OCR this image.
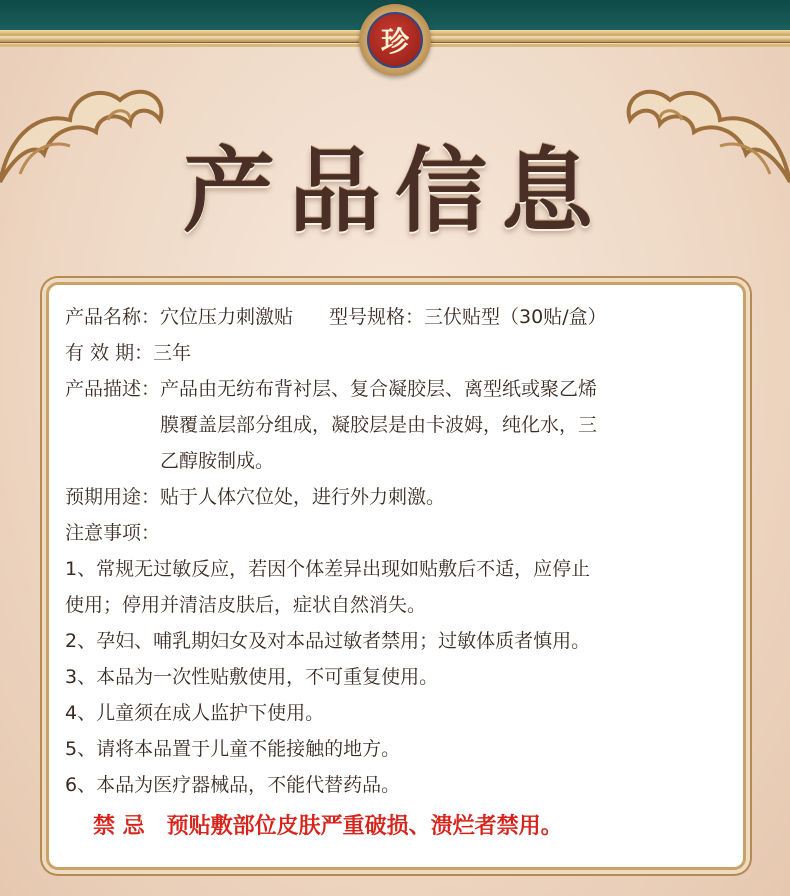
珍
产品信息
产品名称： 穴位压力刺激贴 型号规格： 三伏贴型（30贴/盒）
有 效 期： 三年
产品描述： 产品由无纺布背衬层、复合凝胶层、离型纸或聚乙烯
膜覆盖层部分组成，凝胶层是由卡波姆，纯化水，三
乙醇胺制成。
预期用途： 贴于人体穴位处，进行外力刺激。
注意事项：
1、常规无过敏反应，若因个体差异出现如贴敷后不适，应停止
使用；停用并清洁皮肤后，症状自然消失。
2、孕妇、哺乳期妇女及对本品过敏者禁用；过敏体质者慎用。
3、本品为一次性贴敷使用，不可重复使用。
4、儿童须在成人监护下使用。
5、请将本品置于儿童不能接触的地方。
6、本品为医疗器械品，不能代替药品。
禁 忌 预贴敷部位皮肤严重破损、溃烂者禁用。
